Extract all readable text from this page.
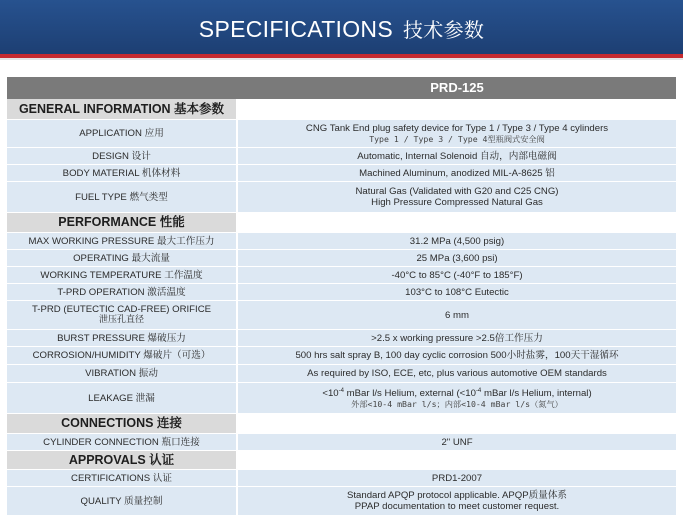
SPECIFICATIONS 技术参数
PRD-125
GENERAL INFORMATION 基本参数
APPLICATION 应用	CNG Tank End plug safety device for Type 1 / Type 3 / Type 4 cylinders
Type 1 / Type 3 / Type 4型瓶阀式安全阀
DESIGN 设计	Automatic, Internal Solenoid 自动，内部电磁阀
BODY MATERIAL 机体材料	Machined Aluminum, anodized MIL-A-8625 铝
FUEL TYPE 燃气类型	Natural Gas (Validated with G20 and C25 CNG)
High Pressure Compressed Natural Gas
PERFORMANCE 性能
MAX WORKING PRESSURE 最大工作压力	31.2 MPa (4,500 psig)
OPERATING 最大流量	25 MPa (3,600 psi)
WORKING TEMPERATURE 工作温度	-40°C to 85°C (-40°F to 185°F)
T-PRD OPERATION 激活温度	103°C to 108°C Eutectic
T-PRD (EUTECTIC CAD-FREE) ORIFICE
泄压孔直径	6 mm
BURST PRESSURE 爆破压力	>2.5 x working pressure >2.5倍工作压力
CORROSION/HUMIDITY 爆破片（可选）	500 hrs salt spray B, 100 day cyclic corrosion 500小时盐雾，100天干湿循环
VIBRATION 振动	As required by ISO, ECE, etc, plus various automotive OEM standards
LEAKAGE 泄漏	$<10^{-4}$ mBar l/s Helium, external ($<10^{-4}$ mBar l/s Helium, internal)
外部<10-4 mBar l/s；内部<10-4 mBar l/s（氮气）
CONNECTIONS 连接
CYLINDER CONNECTION 瓶口连接	2" UNF
APPROVALS 认证
CERTIFICATIONS 认证	PRD1-2007
QUALITY 质量控制	Standard APQP protocol applicable. APQP质量体系
PPAP documentation to meet customer request.
